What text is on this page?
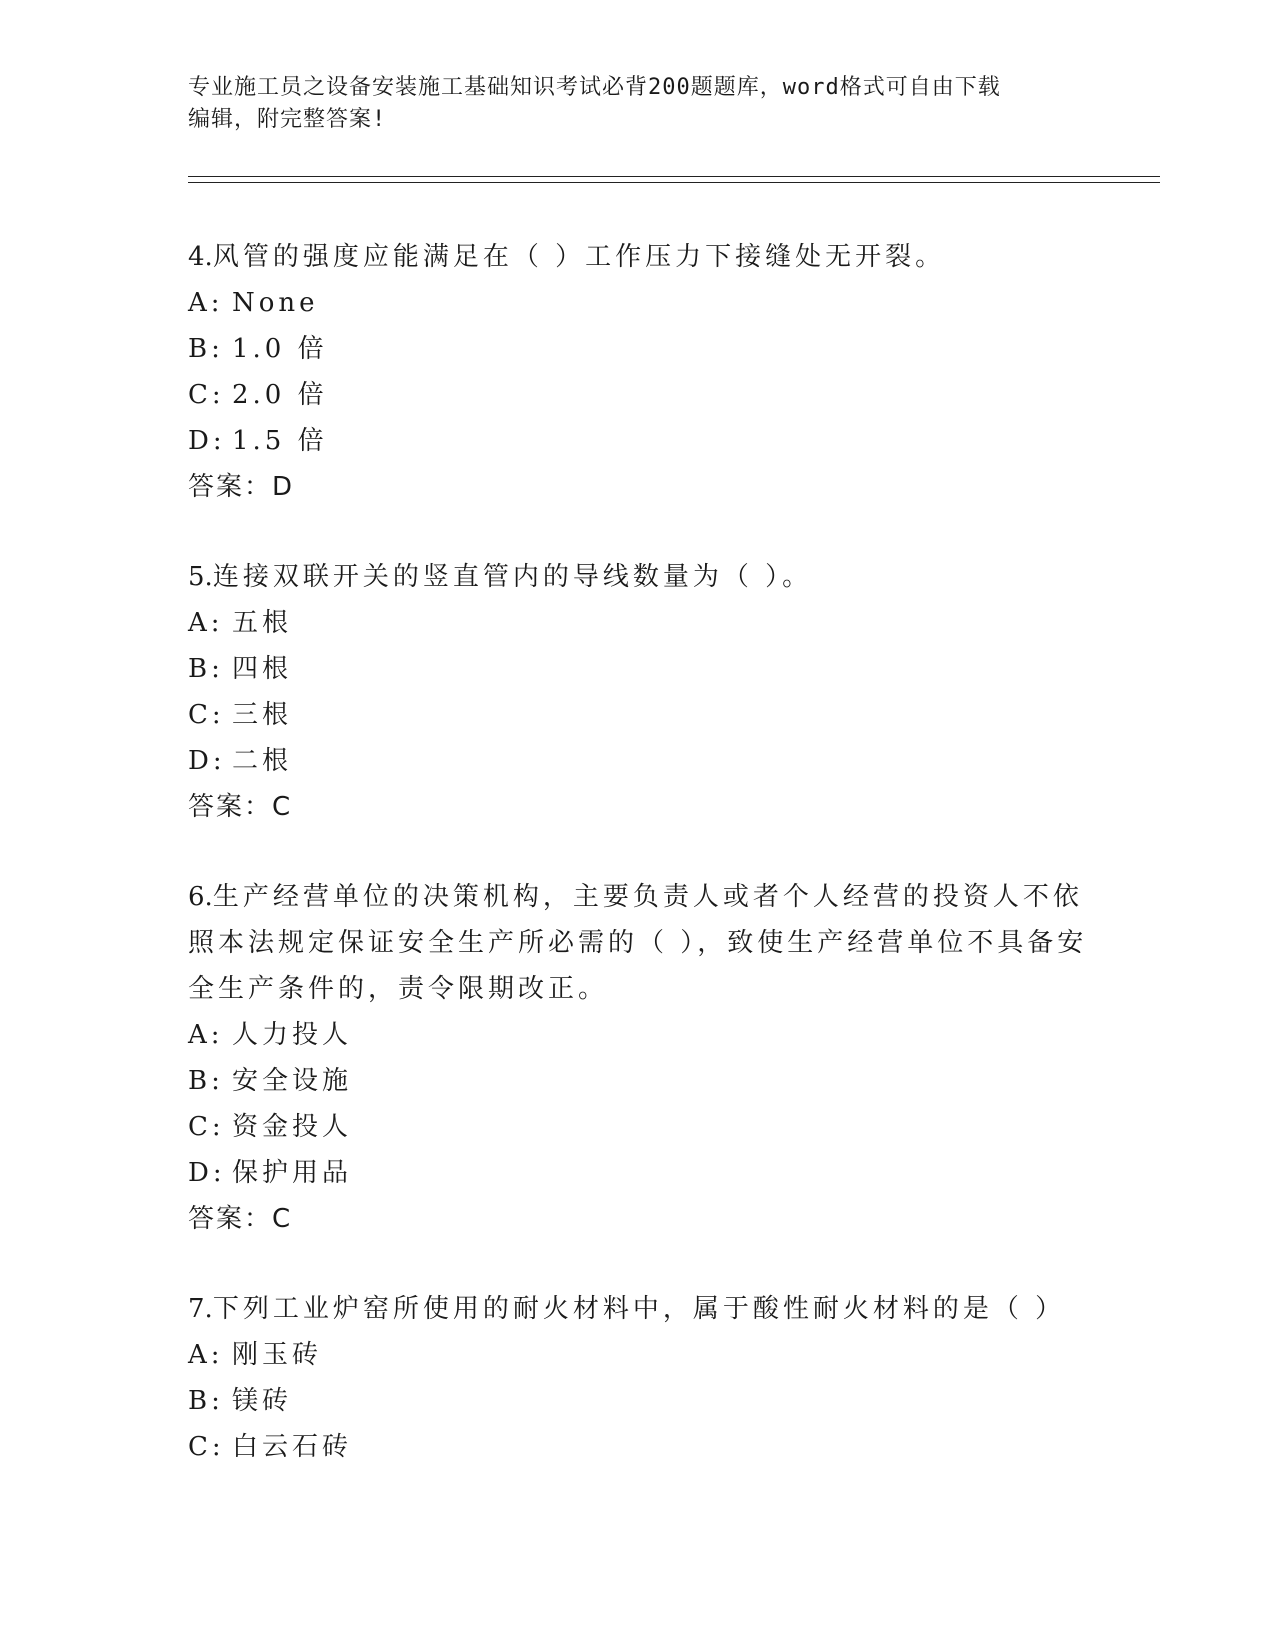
专业施工员之设备安装施工基础知识考试必背200题题库，word格式可自由下载
编辑，附完整答案!
4.风管的强度应能满足在（ ）工作压力下接缝处无开裂。
A: None
B: 1.0 倍
C: 2.0 倍
D: 1.5 倍
答案：D
5.连接双联开关的竖直管内的导线数量为（ ）。
A: 五根
B: 四根
C: 三根
D: 二根
答案：C
6.生产经营单位的决策机构，主要负责人或者个人经营的投资人不依
照本法规定保证安全生产所必需的（ ），致使生产经营单位不具备安
全生产条件的，责令限期改正。
A: 人力投人
B: 安全设施
C: 资金投人
D: 保护用品
答案：C
7.下列工业炉窑所使用的耐火材料中，属于酸性耐火材料的是（ ）
A: 刚玉砖
B: 镁砖
C: 白云石砖
